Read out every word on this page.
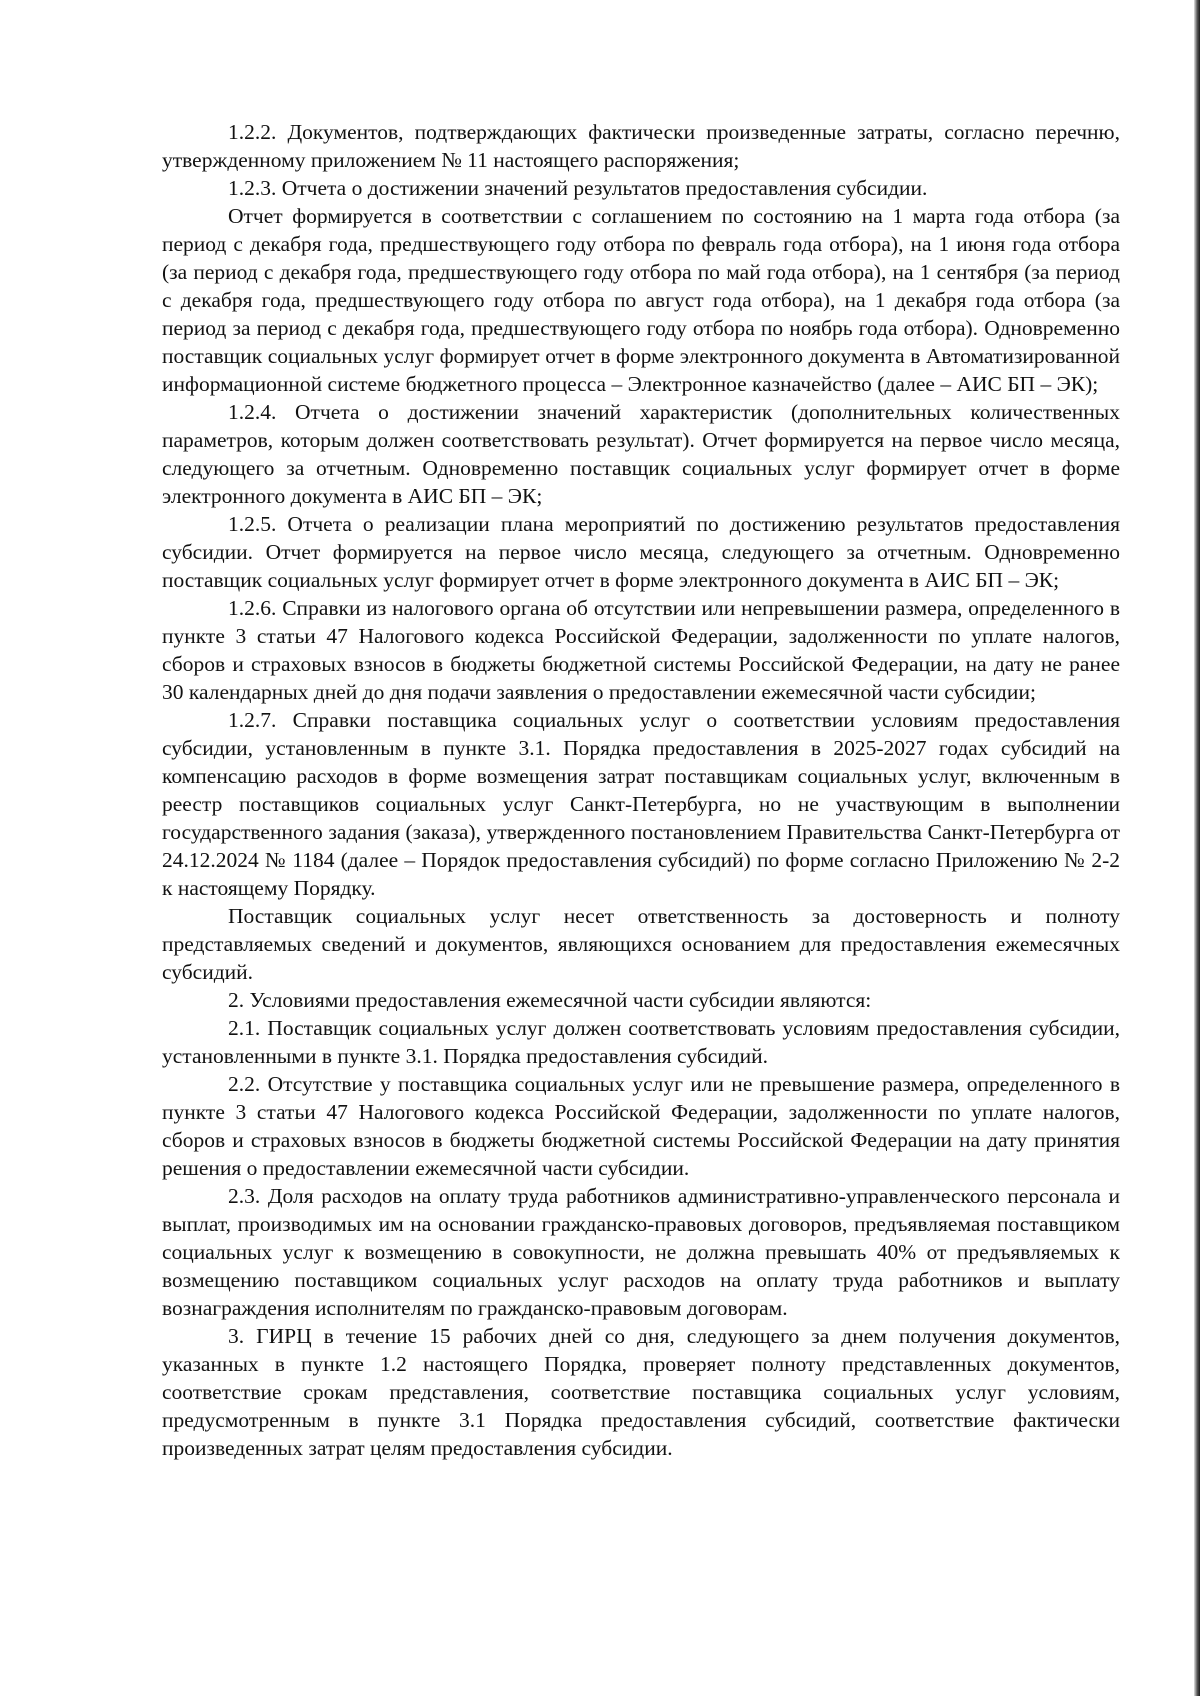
1.2.2. Документов, подтверждающих фактически произведенные затраты, согласно перечню, утвержденному приложением № 11 настоящего распоряжения;

1.2.3. Отчета о достижении значений результатов предоставления субсидии.

Отчет формируется в соответствии с соглашением по состоянию на 1 марта года отбора (за период с декабря года, предшествующего году отбора по февраль года отбора), на 1 июня года отбора (за период с декабря года, предшествующего году отбора по май года отбора), на 1 сентября (за период с декабря года, предшествующего году отбора по август года отбора), на 1 декабря года отбора (за период за период с декабря года, предшествующего году отбора по ноябрь года отбора). Одновременно поставщик социальных услуг формирует отчет в форме электронного документа в Автоматизированной информационной системе бюджетного процесса – Электронное казначейство (далее – АИС БП – ЭК);

1.2.4. Отчета о достижении значений характеристик (дополнительных количественных параметров, которым должен соответствовать результат). Отчет формируется на первое число месяца, следующего за отчетным. Одновременно поставщик социальных услуг формирует отчет в форме электронного документа в АИС БП – ЭК;

1.2.5. Отчета о реализации плана мероприятий по достижению результатов предоставления субсидии. Отчет формируется на первое число месяца, следующего за отчетным. Одновременно поставщик социальных услуг формирует отчет в форме электронного документа в АИС БП – ЭК;

1.2.6. Справки из налогового органа об отсутствии или непревышении размера, определенного в пункте 3 статьи 47 Налогового кодекса Российской Федерации, задолженности по уплате налогов, сборов и страховых взносов в бюджеты бюджетной системы Российской Федерации, на дату не ранее 30 календарных дней до дня подачи заявления о предоставлении ежемесячной части субсидии;

1.2.7. Справки поставщика социальных услуг о соответствии условиям предоставления субсидии, установленным в пункте 3.1. Порядка предоставления в 2025-2027 годах субсидий на компенсацию расходов в форме возмещения затрат поставщикам социальных услуг, включенным в реестр поставщиков социальных услуг Санкт-Петербурга, но не участвующим в выполнении государственного задания (заказа), утвержденного постановлением Правительства Санкт-Петербурга от 24.12.2024 № 1184 (далее – Порядок предоставления субсидий) по форме согласно Приложению № 2-2 к настоящему Порядку.

Поставщик социальных услуг несет ответственность за достоверность и полноту представляемых сведений и документов, являющихся основанием для предоставления ежемесячных субсидий.

2. Условиями предоставления ежемесячной части субсидии являются:

2.1. Поставщик социальных услуг должен соответствовать условиям предоставления субсидии, установленными в пункте 3.1. Порядка предоставления субсидий.

2.2. Отсутствие у поставщика социальных услуг или не превышение размера, определенного в пункте 3 статьи 47 Налогового кодекса Российской Федерации, задолженности по уплате налогов, сборов и страховых взносов в бюджеты бюджетной системы Российской Федерации на дату принятия решения о предоставлении ежемесячной части субсидии.

2.3. Доля расходов на оплату труда работников административно-управленческого персонала и выплат, производимых им на основании гражданско-правовых договоров, предъявляемая поставщиком социальных услуг к возмещению в совокупности, не должна превышать 40% от предъявляемых к возмещению поставщиком социальных услуг расходов на оплату труда работников и выплату вознаграждения исполнителям по гражданско-правовым договорам.

3. ГИРЦ в течение 15 рабочих дней со дня, следующего за днем получения документов, указанных в пункте 1.2 настоящего Порядка, проверяет полноту представленных документов, соответствие срокам представления, соответствие поставщика социальных услуг условиям, предусмотренным в пункте 3.1 Порядка предоставления субсидий, соответствие фактически произведенных затрат целям предоставления субсидии.
